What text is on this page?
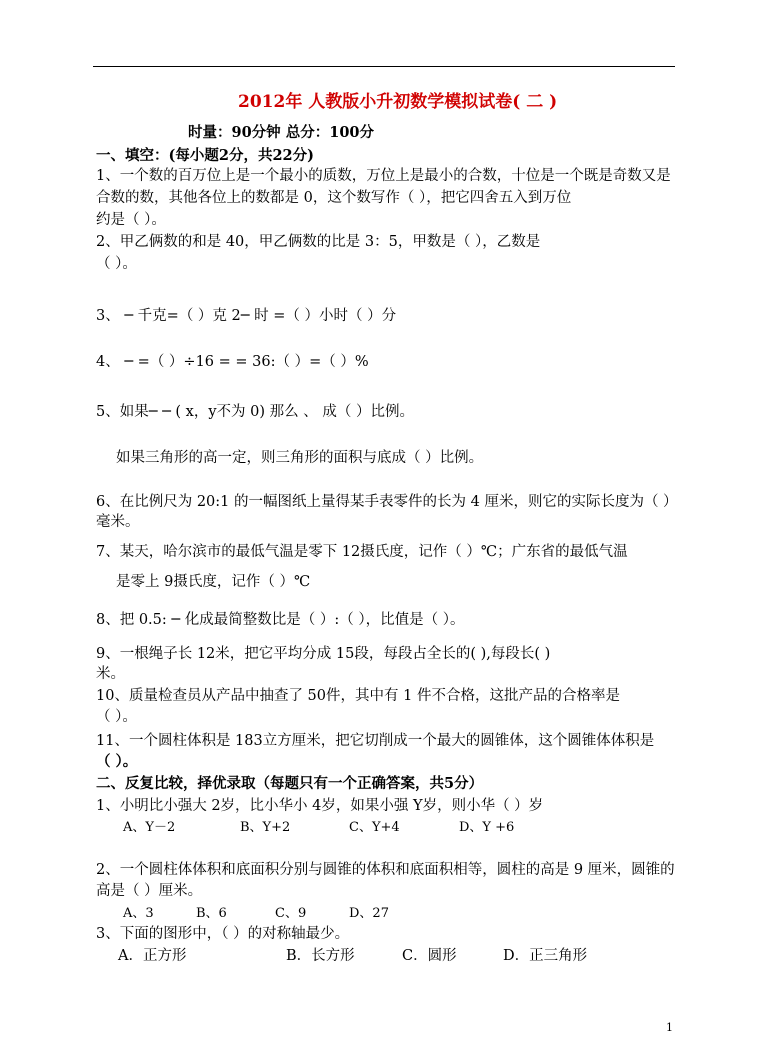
2012年 人教版小升初数学模拟试卷( 二 )
时量：90分钟 总分：100分
一、填空：(每小题2分，共22分)
1、一个数的百万位上是一个最小的质数，万位上是最小的合数，十位是一个既是奇数又是
合数的数，其他各位上的数都是 0，这个数写作（ ），把它四舍五入到万位
约是（ ）。
2、甲乙俩数的和是 40，甲乙俩数的比是 3：5，甲数是（ ），乙数是
（ ）。
3、 ─ 千克=（ ）克 2─ 时 =（ ）小时（ ）分
4、 ─ =（ ）÷16 = = 36:（ ）=（ ）%
5、如果─ ─ ( x，y不为 0) 那么 、 成（ ）比例。
如果三角形的高一定，则三角形的面积与底成（ ）比例。
6、在比例尺为 20:1 的一幅图纸上量得某手表零件的长为 4 厘米，则它的实际长度为（ ）
毫米。
7、某天，哈尔滨市的最低气温是零下 12摄氏度，记作（ ）℃；广东省的最低气温
是零上 9摄氏度，记作（ ）℃
8、把 0.5: ─ 化成最简整数比是（ ）:（ ），比值是（ ）。
9、一根绳子长 12米，把它平均分成 15段，每段占全长的( ),每段长( )
米。
10、质量检查员从产品中抽查了 50件，其中有 1 件不合格，这批产品的合格率是
（ ）。
11、一个圆柱体积是 183立方厘米，把它切削成一个最大的圆锥体，这个圆锥体体积是
（ ）。
二、反复比较，择优录取（每题只有一个正确答案，共5分）
1、小明比小强大 2岁，比小华小 4岁，如果小强 Y岁，则小华（ ）岁
A、Y－2	B、Y+2	C、Y+4	D、Y +6
2、一个圆柱体体积和底面积分别与圆锥的体积和底面积相等，圆柱的高是 9 厘米，圆锥的
高是（ ）厘米。
A、3	B、6	C、9	D、27
3、下面的图形中，（ ）的对称轴最少。
A．正方形	B．长方形	C．圆形	D．正三角形
1
